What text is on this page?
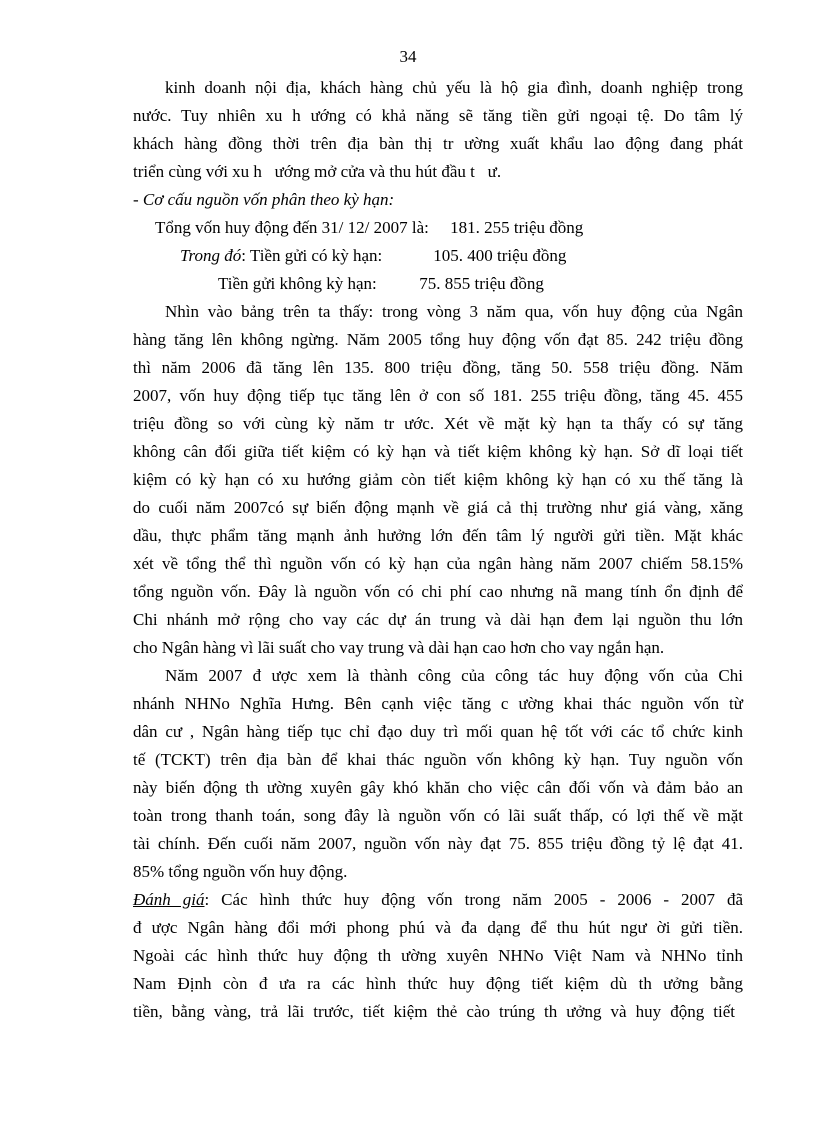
34
kinh doanh nội địa, khách hàng chủ yếu là hộ gia đình, doanh nghiệp trong
nước. Tuy nhiên xu h ướng có khả năng sẽ tăng tiền gửi ngoại tệ. Do tâm lý
khách hàng đồng thời trên địa bàn thị tr ường xuất khẩu lao động đang phát
triển cùng với xu h   ướng mở cửa và thu hút đầu t   ư.
- Cơ cấu nguồn vốn phân theo kỳ hạn:
Tổng vốn huy động đến 31/ 12/ 2007 là:     181. 255 triệu đồng
Trong đó: Tiền gửi có kỳ hạn:            105. 400 triệu đồng
Tiền gửi không kỳ hạn:          75. 855 triệu đồng
Nhìn vào bảng trên ta thấy: trong vòng 3 năm qua, vốn huy động của Ngân
hàng tăng lên không ngừng. Năm 2005 tổng huy động vốn đạt 85. 242 triệu đồng
thì năm 2006 đã tăng lên 135. 800 triệu đồng, tăng 50. 558 triệu đồng. Năm
2007, vốn huy động tiếp tục tăng lên ở con số 181. 255 triệu đồng, tăng 45. 455
triệu đồng so với cùng kỳ năm tr ước. Xét về mặt kỳ hạn ta thấy có sự tăng
không cân đối giữa tiết kiệm có kỳ hạn và tiết kiệm không kỳ hạn. Sở dĩ loại tiết
kiệm có kỳ hạn có xu hướng giảm còn tiết kiệm không kỳ hạn có xu thế tăng là
do cuối năm 2007có sự biến động mạnh về giá cả thị trường như giá vàng, xăng
dầu, thực phẩm tăng mạnh ảnh hưởng lớn đến tâm lý người gửi tiền. Mặt khác
xét về tổng thể thì nguồn vốn có kỳ hạn của ngân hàng năm 2007 chiếm 58.15%
tổng nguồn vốn. Đây là nguồn vốn có chi phí cao nhưng nã mang tính ổn định để
Chi nhánh mở rộng cho vay các dự án trung và dài hạn đem lại nguồn thu lớn
cho Ngân hàng vì lãi suất cho vay trung và dài hạn cao hơn cho vay ngắn hạn.
Năm 2007 đ ược xem là thành công của công tác huy động vốn của Chi
nhánh NHNo Nghĩa Hưng. Bên cạnh việc tăng c ường khai thác nguồn vốn từ
dân cư , Ngân hàng tiếp tục chỉ đạo duy trì mối quan hệ tốt với các tổ chức kinh
tế (TCKT) trên địa bàn để khai thác nguồn vốn không kỳ hạn. Tuy nguồn vốn
này biến động th ường xuyên gây khó khăn cho việc cân đối vốn và đảm bảo an
toàn trong thanh toán, song đây là nguồn vốn có lãi suất thấp, có lợi thế về mặt
tài chính. Đến cuối năm 2007, nguồn vốn này đạt 75. 855 triệu đồng tỷ lệ đạt 41.
85% tổng nguồn vốn huy động.
Đánh giá: Các hình thức huy động vốn trong năm 2005 - 2006 - 2007 đã
đ ược Ngân hàng đổi mới phong phú và đa dạng để thu hút ngư ời gửi tiền.
Ngoài các hình thức huy động th ường xuyên NHNo Việt Nam và NHNo tỉnh
Nam Định còn đ ưa ra các hình thức huy động tiết kiệm dù th ưởng bằng
tiền, bằng vàng, trả lãi trước, tiết kiệm thẻ cào trúng th ưởng và huy động tiết
